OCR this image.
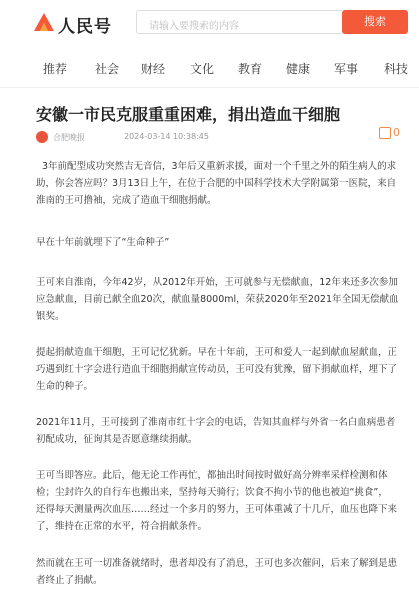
人民号	请输入要搜索的内容	搜索
推荐 社会 财经 文化 教育 健康 军事 科技
安徽一市民克服重重困难，捐出造血干细胞
合肥晚报	2024-03-14 10:38:45	0
3年前配型成功突然吉无音信，3年后又重新求援，面对一个千里之外的陌生病人的求
助，你会答应吗？3月13日上午，在位于合肥的中国科学技术大学附属第一医院，来自
淮南的王可撸袖，完成了造血干细胞捐献。
早在十年前就埋下了“生命种子”
王可来自淮南，今年42岁，从2012年开始，王可就参与无偿献血，12年来还多次参加
应急献血，目前已献全血20次，献血量8000ml，荣获2020年至2021年全国无偿献血
银奖。
提起捐献造血干细胞，王可记忆犹新。早在十年前，王可和爱人一起到献血屋献血，正
巧遇到红十字会进行造血干细胞捐献宣传动员，王可没有犹豫，留下捐献血样，埋下了
生命的种子。
2021年11月，王可接到了淮南市红十字会的电话，告知其血样与外省一名白血病患者
初配成功，征询其是否愿意继续捐献。
王可当即答应。此后，他无论工作再忙，都抽出时间按时做好高分辨率采样检测和体
检；尘封许久的自行车也搬出来，坚持每天骑行；饮食不拘小节的他也被迫“挑食”，
还得每天测量两次血压……经过一个多月的努力，王可体重减了十几斤，血压也降下来
了，维持在正常的水平，符合捐献条件。
然而就在王可一切准备就绪时，患者却没有了消息，王可也多次催问，后来了解到是患
者终止了捐献。
